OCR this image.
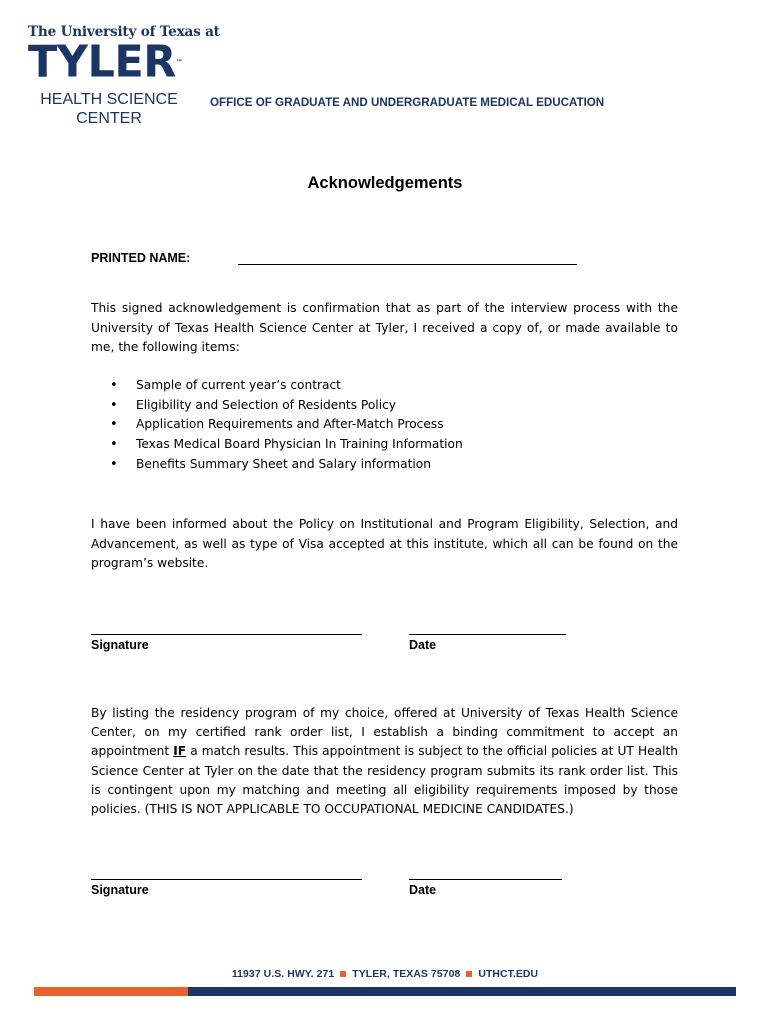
The University of Texas at
TYLER™
HEALTH SCIENCE
CENTER
OFFICE OF GRADUATE AND UNDERGRADUATE MEDICAL EDUCATION
Acknowledgements
PRINTED NAME:
This signed acknowledgement is confirmation that as part of the interview process with the University of Texas Health Science Center at Tyler, I received a copy of, or made available to me, the following items:
• Sample of current year’s contract
• Eligibility and Selection of Residents Policy
• Application Requirements and After-Match Process
• Texas Medical Board Physician In Training Information
• Benefits Summary Sheet and Salary information
I have been informed about the Policy on Institutional and Program Eligibility, Selection, and Advancement, as well as type of Visa accepted at this institute, which all can be found on the program’s website.
Signature	Date
By listing the residency program of my choice, offered at University of Texas Health Science Center, on my certified rank order list, I establish a binding commitment to accept an appointment IF a match results. This appointment is subject to the official policies at UT Health Science Center at Tyler on the date that the residency program submits its rank order list. This is contingent upon my matching and meeting all eligibility requirements imposed by those policies. (THIS IS NOT APPLICABLE TO OCCUPATIONAL MEDICINE CANDIDATES.)
Signature	Date
11937 U.S. HWY. 271 TYLER, TEXAS 75708 UTHCT.EDU
